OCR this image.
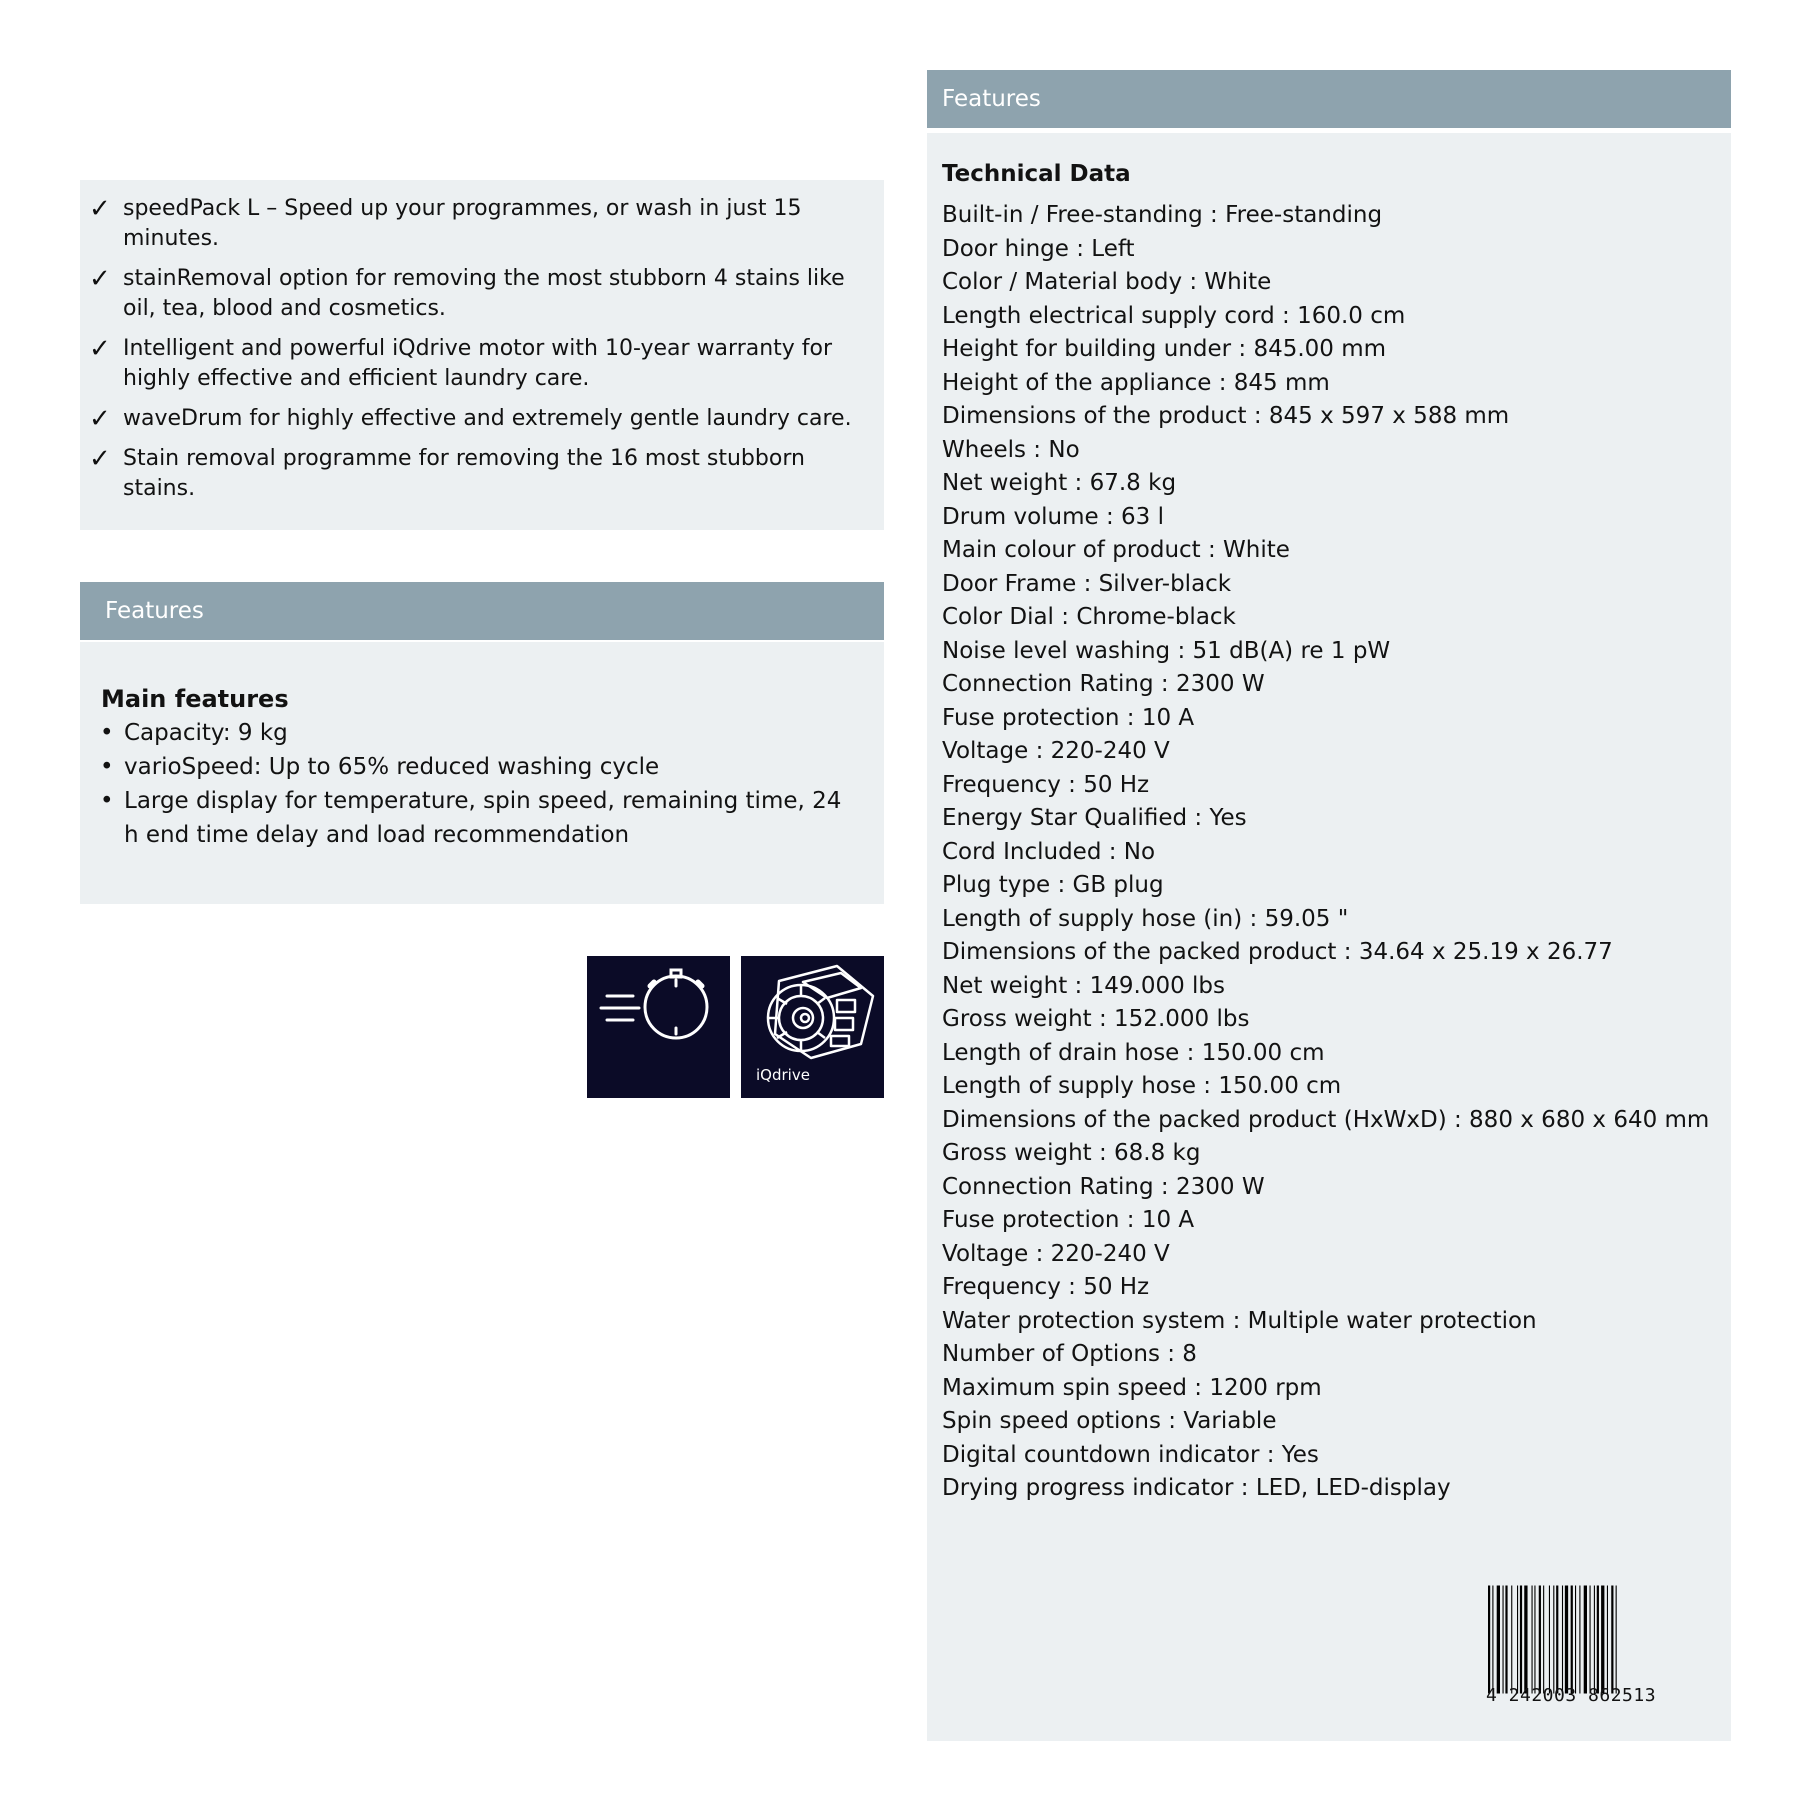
✓ speedPack L – Speed up your programmes, or wash in just 15 minutes.
✓ stainRemoval option for removing the most stubborn 4 stains like oil, tea, blood and cosmetics.
✓ Intelligent and powerful iQdrive motor with 10-year warranty for highly effective and efficient laundry care.
✓ waveDrum for highly effective and extremely gentle laundry care.
✓ Stain removal programme for removing the 16 most stubborn stains.
Features
Main features
• Capacity: 9 kg
• varioSpeed: Up to 65% reduced washing cycle
• Large display for temperature, spin speed, remaining time, 24 h end time delay and load recommendation
iQdrive
Features
Technical Data
Built-in / Free-standing : Free-standing
Door hinge : Left
Color / Material body : White
Length electrical supply cord : 160.0 cm
Height for building under : 845.00 mm
Height of the appliance : 845 mm
Dimensions of the product : 845 x 597 x 588 mm
Wheels : No
Net weight : 67.8 kg
Drum volume : 63 l
Main colour of product : White
Door Frame : Silver-black
Color Dial : Chrome-black
Noise level washing : 51 dB(A) re 1 pW
Connection Rating : 2300 W
Fuse protection : 10 A
Voltage : 220-240 V
Frequency : 50 Hz
Energy Star Qualified : Yes
Cord Included : No
Plug type : GB plug
Length of supply hose (in) : 59.05 "
Dimensions of the packed product : 34.64 x 25.19 x 26.77
Net weight : 149.000 lbs
Gross weight : 152.000 lbs
Length of drain hose : 150.00 cm
Length of supply hose : 150.00 cm
Dimensions of the packed product (HxWxD) : 880 x 680 x 640 mm
Gross weight : 68.8 kg
Connection Rating : 2300 W
Fuse protection : 10 A
Voltage : 220-240 V
Frequency : 50 Hz
Water protection system : Multiple water protection
Number of Options : 8
Maximum spin speed : 1200 rpm
Spin speed options : Variable
Digital countdown indicator : Yes
Drying progress indicator : LED, LED-display
4 242003 862513
